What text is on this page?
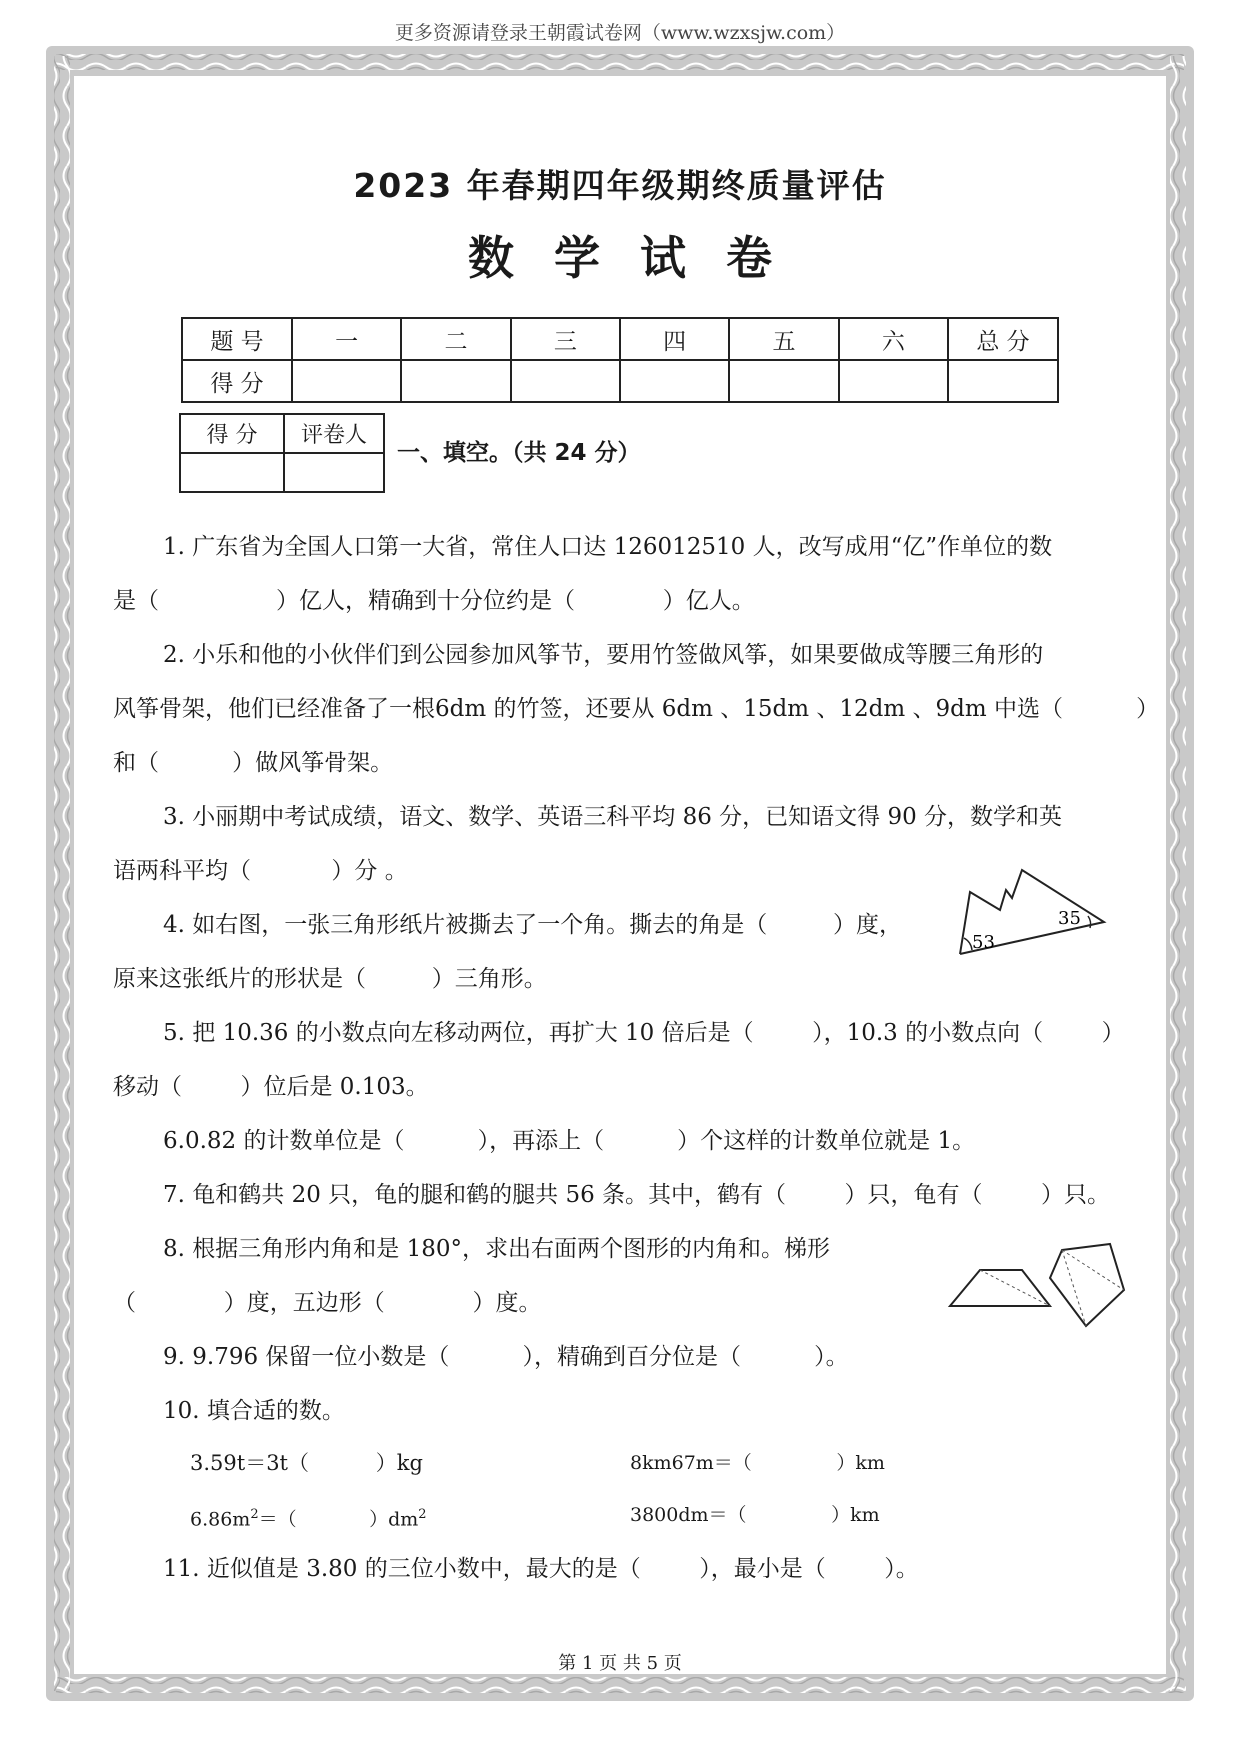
更多资源请登录王朝霞试卷网（www.wzxsjw.com）
2023 年春期四年级期终质量评估
数学试卷
题 号	一	二	三	四	五	六	总 分
得 分							
得 分	评卷人

一、填空。（共 24 分）
1. 广东省为全国人口第一大省，常住人口达 126012510 人，改写成用“亿”作单位的数
是（                ）亿人，精确到十分位约是（            ）亿人。
2. 小乐和他的小伙伴们到公园参加风筝节，要用竹签做风筝，如果要做成等腰三角形的
风筝骨架，他们已经准备了一根6dm 的竹签，还要从 6dm 、15dm 、12dm 、9dm 中选（          ）
和（          ）做风筝骨架。
3. 小丽期中考试成绩，语文、数学、英语三科平均 86 分，已知语文得 90 分，数学和英
语两科平均（           ）分 。
4. 如右图，一张三角形纸片被撕去了一个角。撕去的角是（         ）度，
原来这张纸片的形状是（         ）三角形。
53
35
5. 把 10.36 的小数点向左移动两位，再扩大 10 倍后是（        ），10.3 的小数点向（        ）
移动（        ）位后是 0.103。
6.0.82 的计数单位是（          ），再添上（          ）个这样的计数单位就是 1。
7. 龟和鹤共 20 只，龟的腿和鹤的腿共 56 条。其中，鹤有（        ）只，龟有（        ）只。
8. 根据三角形内角和是 180°，求出右面两个图形的内角和。梯形
（            ）度，五边形（            ）度。
9. 9.796 保留一位小数是（          ），精确到百分位是（          ）。
10. 填合适的数。
3.59t＝3t（          ）kg	8km67m＝（              ）km
$6.86m^2=$（            ）$dm^2$	3800dm＝（              ）km
11. 近似值是 3.80 的三位小数中，最大的是（        ），最小是（        ）。
第 1 页 共 5 页
